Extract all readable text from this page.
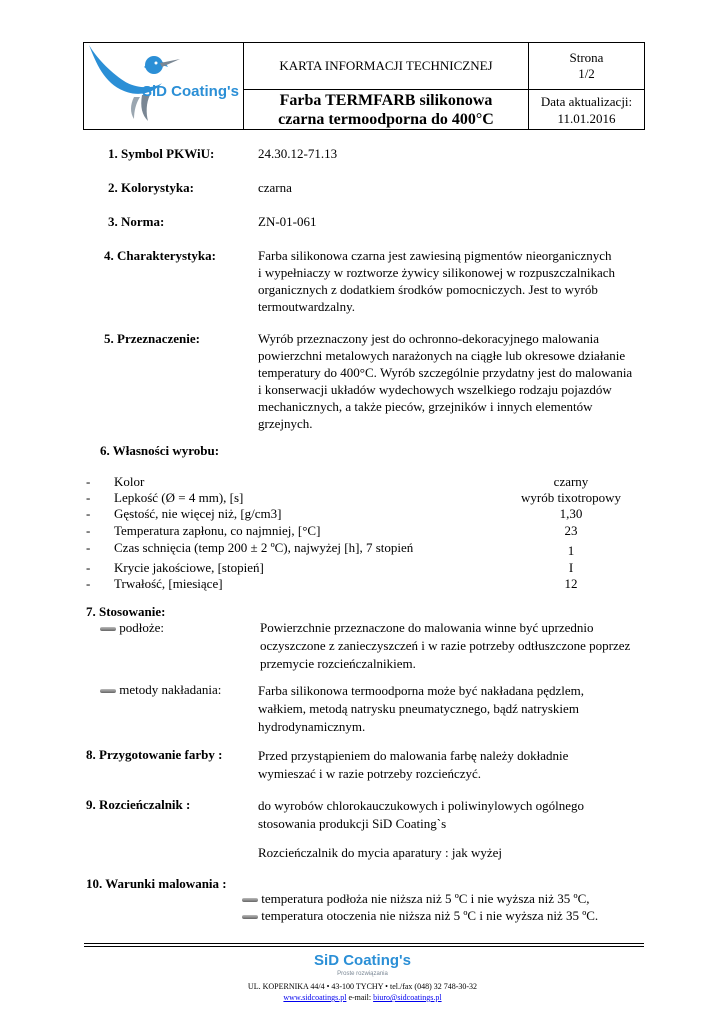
SiD Coating's
KARTA INFORMACJI TECHNICZNEJ
Strona
1/2
Farba TERMFARB silikonowa
czarna termoodporna do 400°C
Data aktualizacji:
11.01.2016
1. Symbol PKWiU:	24.30.12-71.13
2. Kolorystyka:	czarna
3. Norma:	ZN-01-061
4. Charakterystyka:	Farba silikonowa czarna jest zawiesiną pigmentów nieorganicznych
i wypełniaczy w roztworze żywicy silikonowej w rozpuszczalnikach
organicznych z dodatkiem środków pomocniczych. Jest to wyrób
termoutwardzalny.
5. Przeznaczenie:	Wyrób przeznaczony jest do ochronno-dekoracyjnego malowania
powierzchni metalowych narażonych na ciągłe lub okresowe działanie
temperatury do 400°C. Wyrób szczególnie przydatny jest do malowania
i konserwacji układów wydechowych wszelkiego rodzaju pojazdów
mechanicznych, a także pieców, grzejników i innych elementów
grzejnych.
6. Własności wyrobu:
- Kolor	czarny
- Lepkość (Ø = 4 mm), [s]	wyrób tixotropowy
- Gęstość, nie więcej niż, [g/cm3]	1,30
- Temperatura zapłonu, co najmniej, [°C]	23
- Czas schnięcia (temp 200 ± 2 ºC), najwyżej [h], 7 stopień	1
- Krycie jakościowe, [stopień]	I
- Trwałość, [miesiące]	12
7. Stosowanie:
podłoże:	Powierzchnie przeznaczone do malowania winne być uprzednio
oczyszczone z zanieczyszczeń i w razie potrzeby odtłuszczone poprzez
przemycie rozcieńczalnikiem.
metody nakładania:	Farba silikonowa termoodporna może być nakładana pędzlem,
wałkiem, metodą natrysku pneumatycznego, bądź natryskiem
hydrodynamicznym.
8. Przygotowanie farby :	Przed przystąpieniem do malowania farbę należy dokładnie
wymieszać i w razie potrzeby rozcieńczyć.
9. Rozcieńczalnik :	do wyrobów chlorokauczukowych i poliwinylowych ogólnego
stosowania produkcji SiD Coating`s
Rozcieńczalnik do mycia aparatury : jak wyżej
10. Warunki malowania :
temperatura podłoża nie niższa niż 5 ºC i nie wyższa niż 35 ºC,
temperatura otoczenia nie niższa niż 5 ºC i nie wyższa niż 35 ºC.
SiD Coating's
Proste rozwiązania
UL. KOPERNIKA 44/4 • 43-100 TYCHY • tel./fax (048) 32 748-30-32
www.sidcoatings.pl e-mail: biuro@sidcoatings.pl
